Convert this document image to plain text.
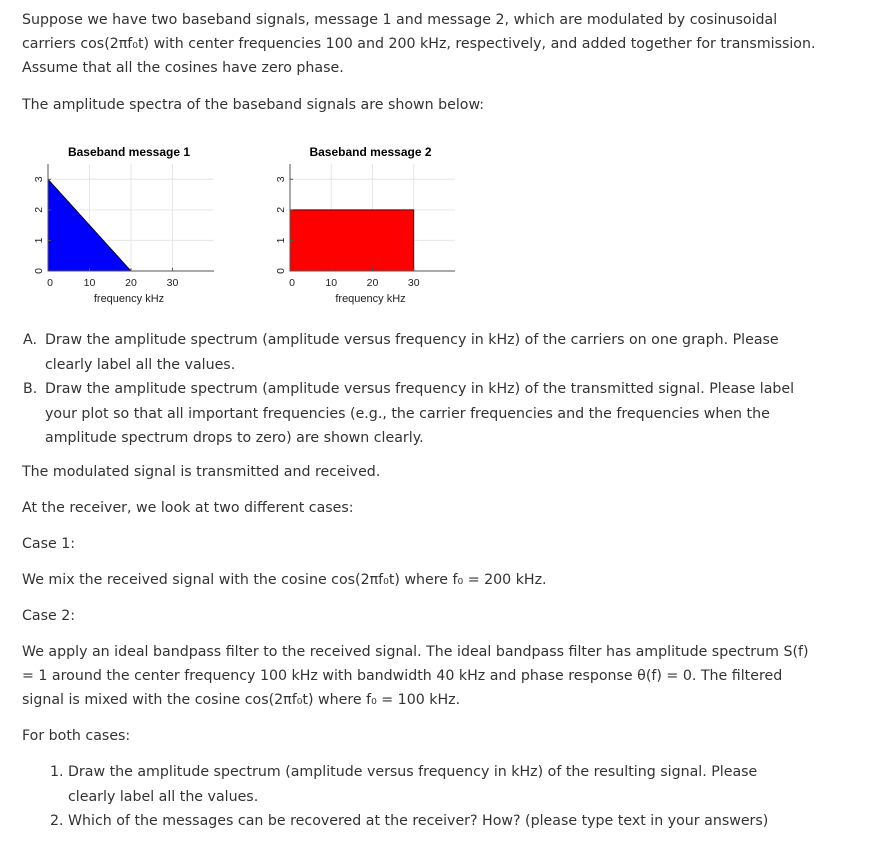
Suppose we have two baseband signals, message 1 and message 2, which are modulated by cosinusoidal carriers cos(2πf₀t) with center frequencies 100 and 200 kHz, respectively, and added together for transmission. Assume that all the cosines have zero phase.

The amplitude spectra of the baseband signals are shown below:

0	10	20	30
0
1
2
3
Baseband message 1
frequency kHz
0	10	20	30
0
1
2
3
Baseband message 2
frequency kHz
A. Draw the amplitude spectrum (amplitude versus frequency in kHz) of the carriers on one graph. Please clearly label all the values.
B. Draw the amplitude spectrum (amplitude versus frequency in kHz) of the transmitted signal. Please label your plot so that all important frequencies (e.g., the carrier frequencies and the frequencies when the amplitude spectrum drops to zero) are shown clearly.

The modulated signal is transmitted and received.

At the receiver, we look at two different cases:

Case 1:

We mix the received signal with the cosine cos(2πf₀t) where f₀ = 200 kHz.

Case 2:

We apply an ideal bandpass filter to the received signal. The ideal bandpass filter has amplitude spectrum S(f) = 1 around the center frequency 100 kHz with bandwidth 40 kHz and phase response θ(f) = 0. The filtered signal is mixed with the cosine cos(2πf₀t) where f₀ = 100 kHz.

For both cases:

1. Draw the amplitude spectrum (amplitude versus frequency in kHz) of the resulting signal. Please clearly label all the values.
2. Which of the messages can be recovered at the receiver? How? (please type text in your answers)
